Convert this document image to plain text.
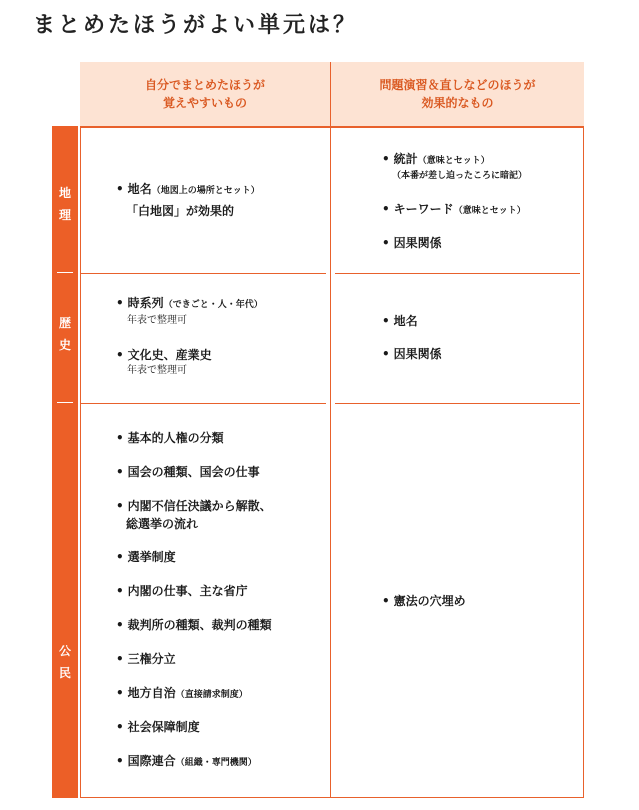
まとめたほうがよい単元は？
自分でまとめたほうが
覚えやすいもの
問題演習＆直しなどのほうが
効果的なもの
地
理
歴
史
公
民
• 地名（地図上の場所とセット）
「白地図」が効果的
• 統計（意味とセット）
（本番が差し迫ったころに暗記）
• キーワード（意味とセット）
• 因果関係
• 時系列（できごと・人・年代）
年表で整理可
• 文化史、産業史
年表で整理可
• 地名
• 因果関係
• 基本的人権の分類
• 国会の種類、国会の仕事
• 内閣不信任決議から解散、
総選挙の流れ
• 選挙制度
• 内閣の仕事、主な省庁
• 裁判所の種類、裁判の種類
• 三権分立
• 地方自治（直接請求制度）
• 社会保障制度
• 国際連合（組織・専門機関）
• 憲法の穴埋め
